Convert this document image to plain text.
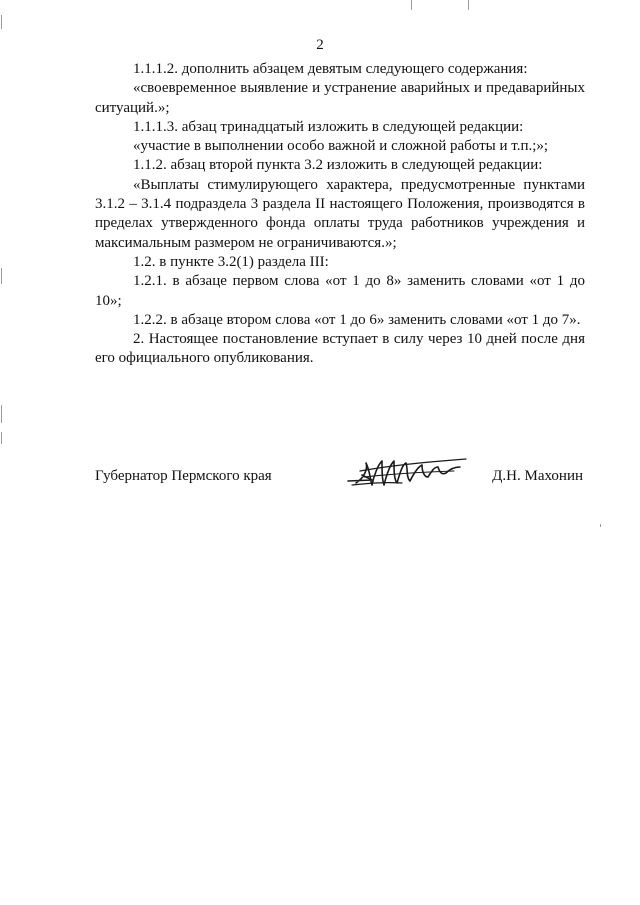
2

1.1.1.2. дополнить абзацем девятым следующего содержания:

«своевременное выявление и устранение аварийных и предаварийных ситуаций.»;

1.1.1.3. абзац тринадцатый изложить в следующей редакции:

«участие в выполнении особо важной и сложной работы и т.п.;»;

1.1.2. абзац второй пункта 3.2 изложить в следующей редакции:

«Выплаты стимулирующего характера, предусмотренные пунктами 3.1.2 – 3.1.4 подраздела 3 раздела II настоящего Положения, производятся в пределах утвержденного фонда оплаты труда работников учреждения и максимальным размером не ограничиваются.»;

1.2. в пункте 3.2(1) раздела III:

1.2.1. в абзаце первом слова «от 1 до 8» заменить словами «от 1 до 10»;

1.2.2. в абзаце втором слова «от 1 до 6» заменить словами «от 1 до 7».

2. Настоящее постановление вступает в силу через 10 дней после дня его официального опубликования.

Губернатор Пермского края	Д.Н. Махонин
